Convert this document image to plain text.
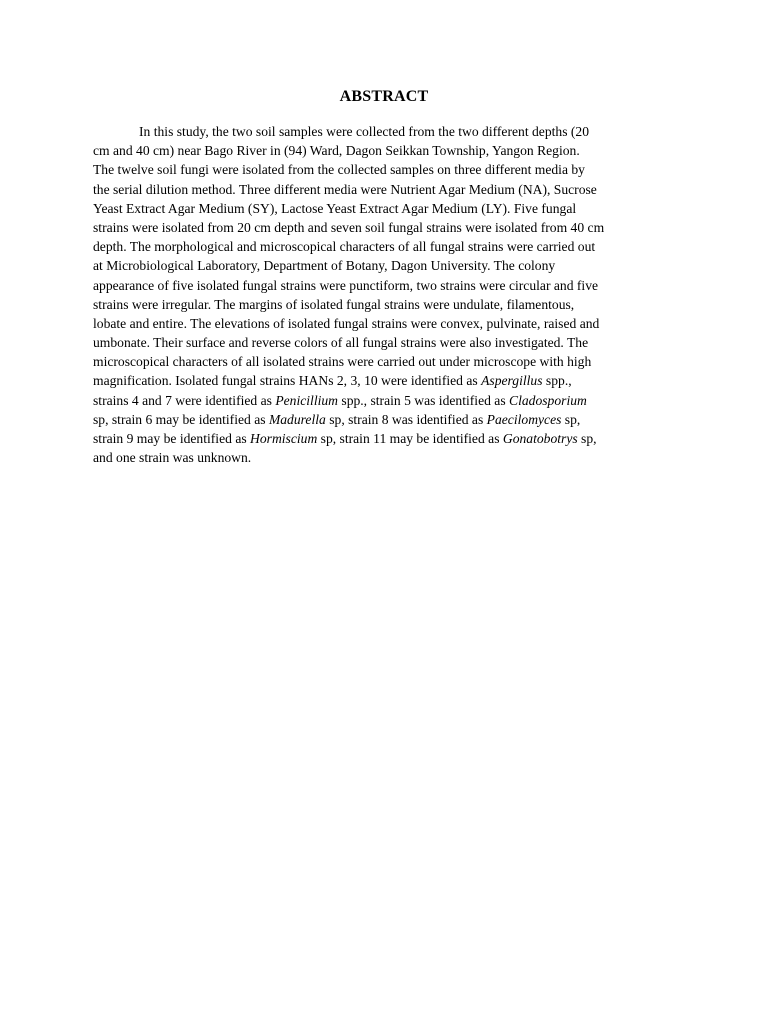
ABSTRACT
In this study, the two soil samples were collected from the two different depths (20
cm and 40 cm) near Bago River in (94) Ward, Dagon Seikkan Township, Yangon Region.
The twelve soil fungi were isolated from the collected samples on three different media by
the serial dilution method. Three different media were Nutrient Agar Medium (NA), Sucrose
Yeast Extract Agar Medium (SY), Lactose Yeast Extract Agar Medium (LY). Five fungal
strains were isolated from 20 cm depth and seven soil fungal strains were isolated from 40 cm
depth. The morphological and microscopical characters of all fungal strains were carried out
at Microbiological Laboratory, Department of Botany, Dagon University. The colony
appearance of five isolated fungal strains were punctiform, two strains were circular and five
strains were irregular. The margins of isolated fungal strains were undulate, filamentous,
lobate and entire. The elevations of isolated fungal strains were convex, pulvinate, raised and
umbonate. Their surface and reverse colors of all fungal strains were also investigated. The
microscopical characters of all isolated strains were carried out under microscope with high
magnification. Isolated fungal strains HANs 2, 3, 10 were identified as Aspergillus spp.,
strains 4 and 7 were identified as Penicillium spp., strain 5 was identified as Cladosporium
sp, strain 6 may be identified as Madurella sp, strain 8 was identified as Paecilomyces sp,
strain 9 may be identified as Hormiscium sp, strain 11 may be identified as Gonatobotrys sp,
and one strain was unknown.
